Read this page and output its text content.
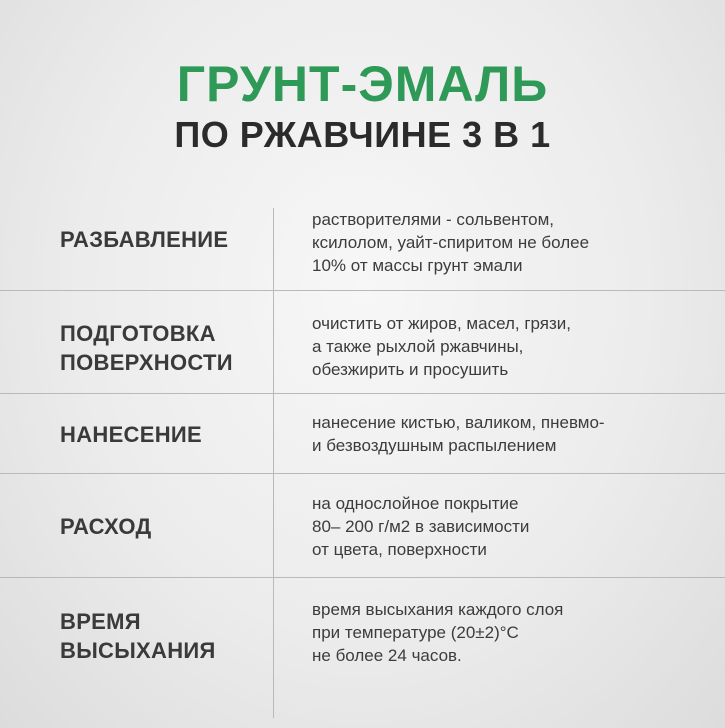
ГРУНТ-ЭМАЛЬ
ПО РЖАВЧИНЕ 3 В 1
РАЗБАВЛЕНИЕ
растворителями - сольвентом,
ксилолом, уайт-спиритом не более
10% от массы грунт эмали
ПОДГОТОВКА
ПОВЕРХНОСТИ
очистить от жиров, масел, грязи,
а также рыхлой ржавчины,
обезжирить и просушить
НАНЕСЕНИЕ	нанесение кистью, валиком, пневмо-
и безвоздушным распылением
РАСХОД
на однослойное покрытие
80– 200 г/м2 в зависимости
от цвета, поверхности
ВРЕМЯ
ВЫСЫХАНИЯ
время высыхания каждого слоя
при температуре (20±2)°C
не более 24 часов.
